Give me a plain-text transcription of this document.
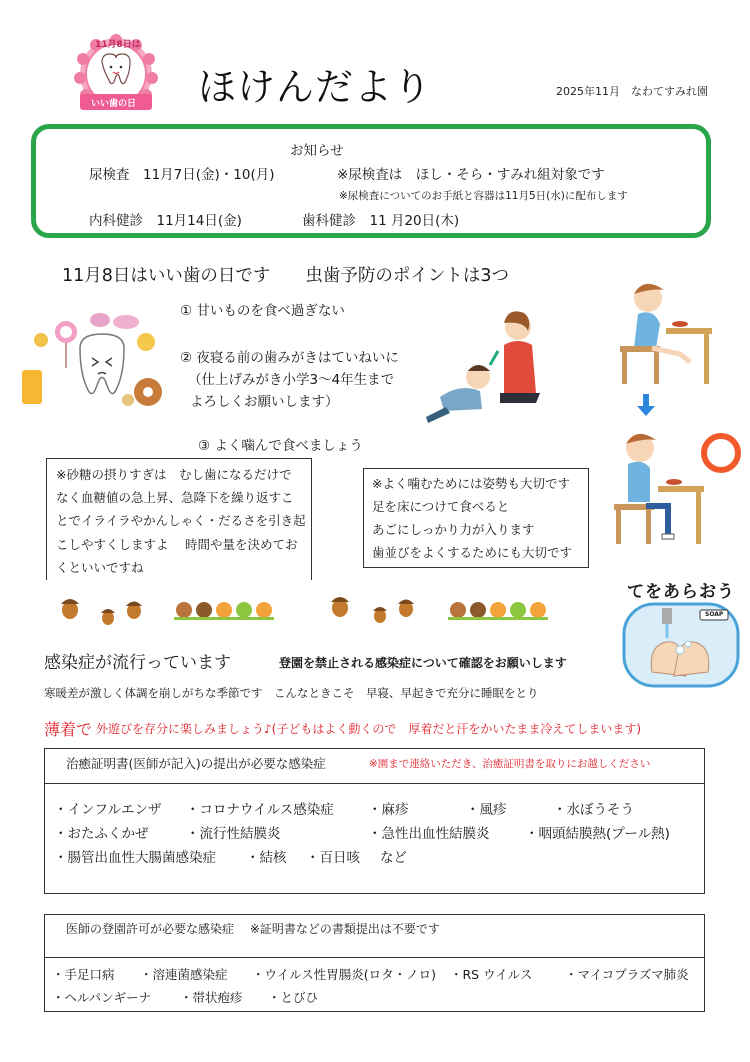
11月8日は
いい歯の日 ほけんだより	2025年11月　なわてすみれ園
お知らせ
尿検査　11月7日(金)・10(月)	※尿検査は　ほし・そら・すみれ組対象です
※尿検査についてのお手紙と容器は11月5日(水)に配布します
内科健診　11月14日(金)	歯科健診　11 月20日(木)
11月8日はいい歯の日です　　虫歯予防のポイントは3つ
① 甘いものを食べ過ぎない
② 夜寝る前の歯みがきはていねいに
（仕上げみがき小学3～4年生まで
よろしくお願いします）
③ よく噛んで食べましょう
※砂糖の摂りすぎは　むし歯になるだけで
なく血糖値の急上昇、急降下を繰り返すこ
とでイライラやかんしゃく・だるさを引き起
こしやすくしますよ　 時間や量を決めてお
くといいですね
※よく噛むためには姿勢も大切です
足を床につけて食べると
あごにしっかり力が入ります
歯並びをよくするためにも大切です
てをあらおう
SOAP
感染症が流行っています	登園を禁止される感染症について確認をお願いします
寒暖差が激しく体調を崩しがちな季節です　こんなときこそ　早寝、早起きで充分に睡眠をとり
薄着で 外遊びを存分に楽しみましょう♪(子どもはよく動くので　厚着だと汗をかいたまま冷えてしまいます)
治癒証明書(医師が記入)の提出が必要な感染症	※園まで連絡いただき、治癒証明書を取りにお越しください
・インフルエンザ ・コロナウイルス感染症	・麻疹	・風疹	・水ぼうそう
・おたふくかぜ	・流行性結膜炎	・急性出血性結膜炎	・咽頭結膜熱(プール熱)
・腸管出血性大腸菌感染症 ・結核 ・百日咳 など
医師の登園許可が必要な感染症　 ※証明書などの書類提出は不要です
・手足口病 ・溶連菌感染症 ・ウイルス性胃腸炎(ロタ・ノロ) ・RS ウイルス	・マイコプラズマ肺炎
・ヘルパンギーナ ・帯状疱疹 ・とびひ
